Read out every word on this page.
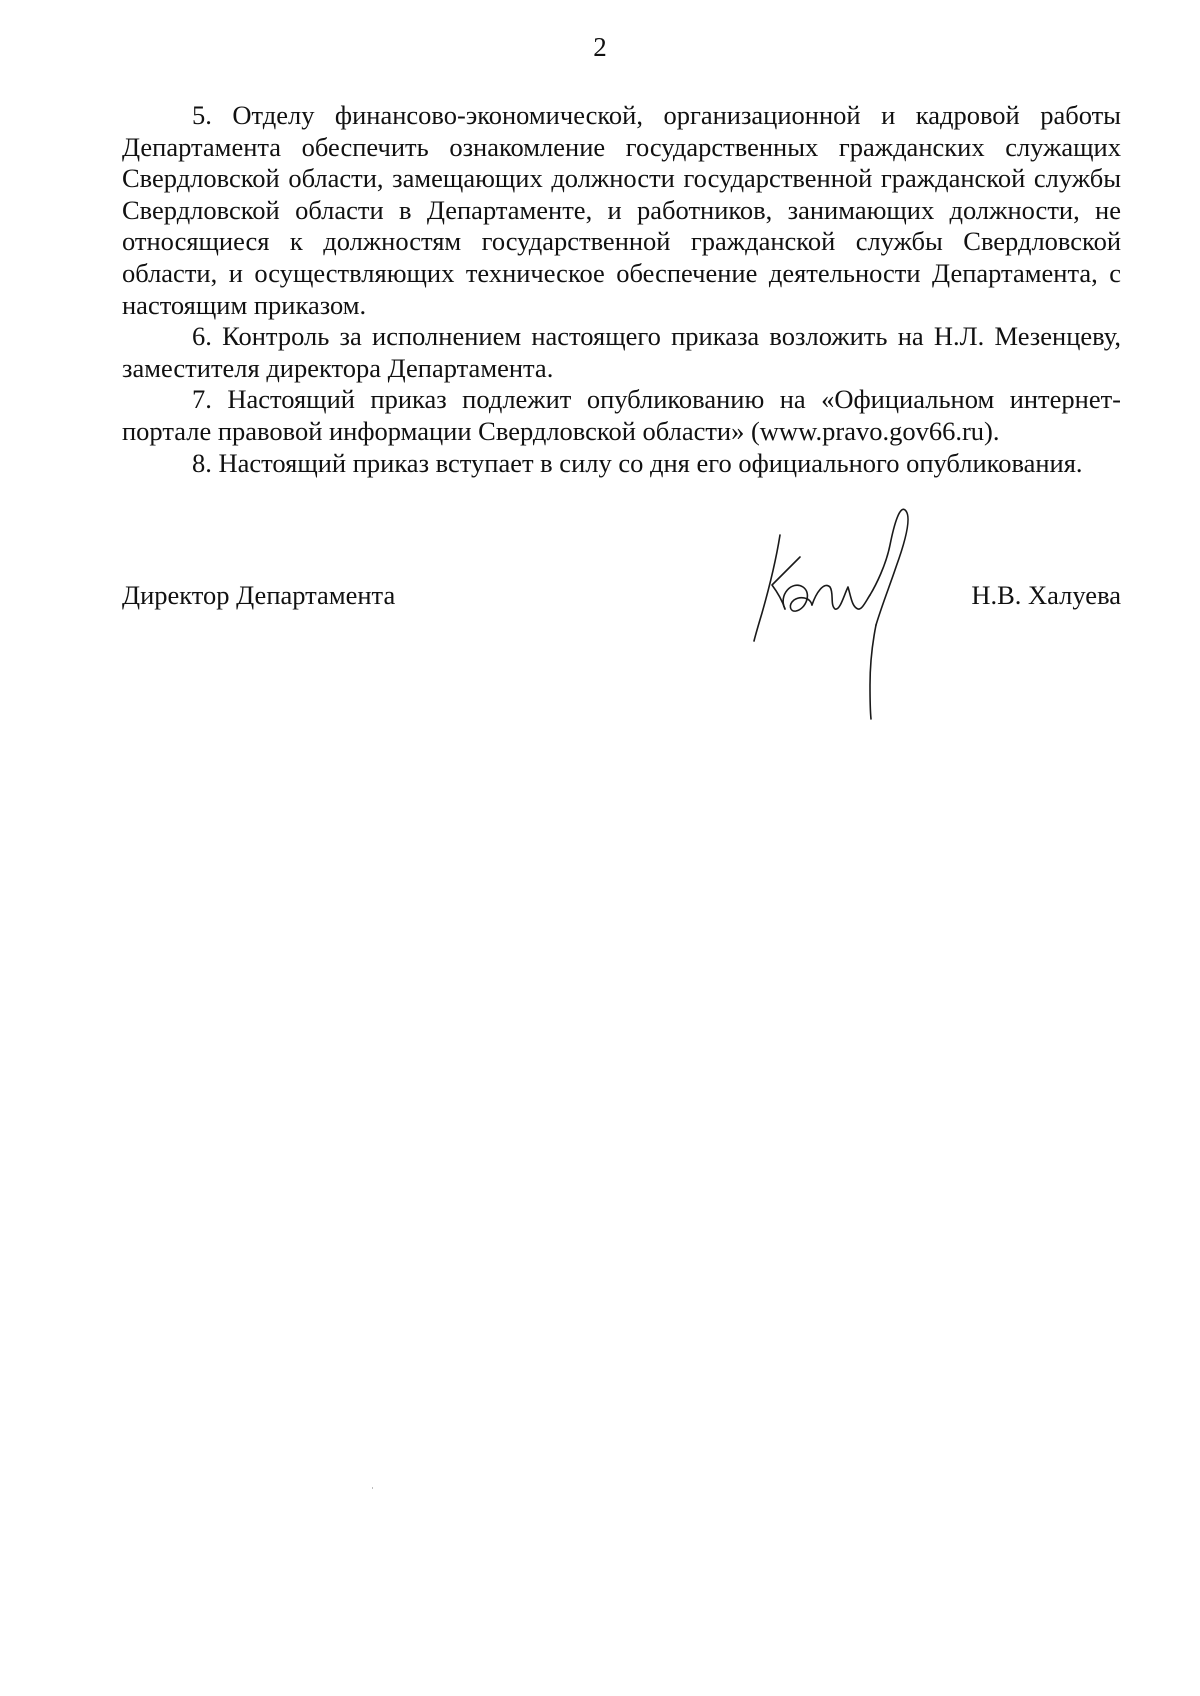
2

5. Отделу финансово-экономической, организационной и кадровой работы Департамента обеспечить ознакомление государственных гражданских служащих Свердловской области, замещающих должности государственной гражданской службы Свердловской области в Департаменте, и работников, занимающих должности, не относящиеся к должностям государственной гражданской службы Свердловской области, и осуществляющих техническое обеспечение деятельности Департамента, с настоящим приказом.

6. Контроль за исполнением настоящего приказа возложить на Н.Л. Мезенцеву, заместителя директора Департамента.

7. Настоящий приказ подлежит опубликованию на «Официальном интернет-портале правовой информации Свердловской области» (www.pravo.gov66.ru).

8. Настоящий приказ вступает в силу со дня его официального опубликования.

Директор Департамента	Н.В. Халуева
